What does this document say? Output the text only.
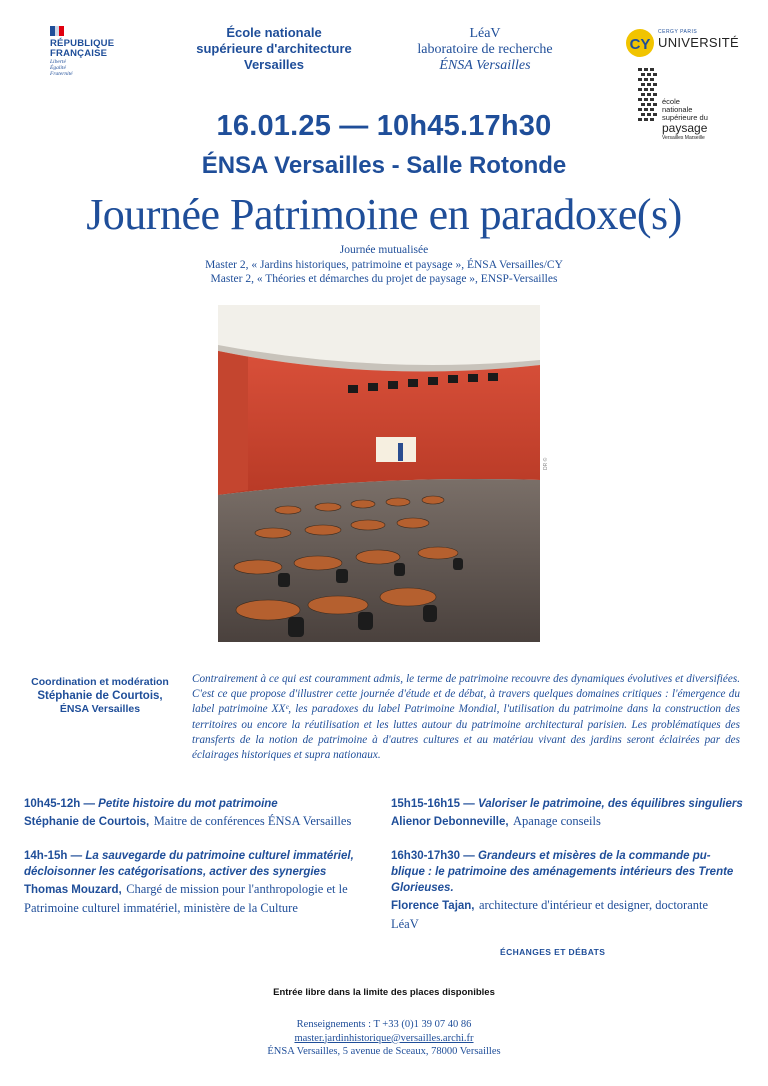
RÉPUBLIQUE
FRANÇAISE
Liberté
Égalité
Fraternité
École nationale
supérieure d'architecture
Versailles
LéaV
laboratoire de recherche
ÉNSA Versailles
CY
CERGY PARIS
UNIVERSITÉ
école
nationale
supérieure du
paysage
Versailles Marseille
16.01.25 — 10h45.17h30
ÉNSA Versailles - Salle Rotonde
Journée Patrimoine en paradoxe(s)
Journée mutualisée
Master 2, « Jardins historiques, patrimoine et paysage », ÉNSA Versailles/CY
Master 2, « Théories et démarches du projet de paysage », ENSP-Versailles
DR ©
Coordination et modération
Stéphanie de Courtois,
ÉNSA Versailles
Contrairement à ce qui est couramment admis, le terme de patrimoine recouvre des dynamiques évolutives et diversifiées. C'est ce que propose d'illustrer cette journée d'étude et de débat, à travers quelques domaines critiques : l'émergence du label patrimoine XXᵉ, les paradoxes du label Patrimoine Mondial, l'utilisation du patrimoine dans la construction des territoires ou encore la réutilisation et les luttes autour du patrimoine architectural parisien. Les problématiques des transferts de la notion de patrimoine à d'autres cultures et au matériau vivant des jardins seront éclairées par des éclairages historiques et supra nationaux.
10h45-12h — Petite histoire du mot patrimoine
Stéphanie de Courtois, Maitre de conférences ÉNSA Versailles
14h-15h — La sauvegarde du patrimoine culturel immatériel,
décloisonner les catégorisations, activer des synergies
Thomas Mouzard, Chargé de mission pour l'anthropologie et le
Patrimoine culturel immatériel, ministère de la Culture
15h15-16h15 — Valoriser le patrimoine, des équilibres singuliers
Alienor Debonneville, Apanage conseils
16h30-17h30 — Grandeurs et misères de la commande pu-
blique : le patrimoine des aménagements intérieurs des Trente
Glorieuses.
Florence Tajan, architecture d'intérieur et designer, doctorante
LéaV
ÉCHANGES ET DÉBATS
Entrée libre dans la limite des places disponibles
Renseignements : T +33 (0)1 39 07 40 86
master.jardinhistorique@versailles.archi.fr
ÉNSA Versailles, 5 avenue de Sceaux, 78000 Versailles
